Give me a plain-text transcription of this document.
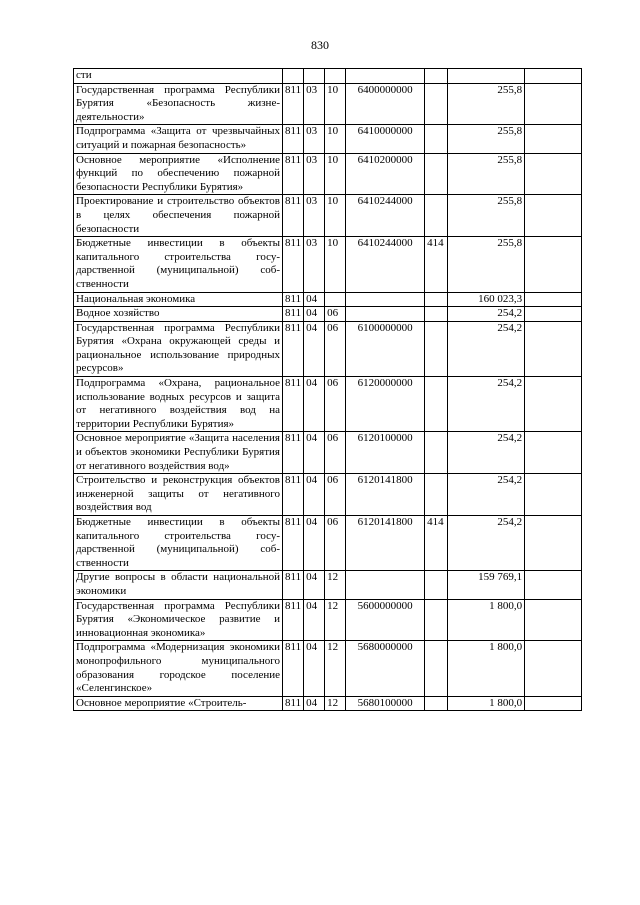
830
сти							
Государственная программа Республики Бурятия «Безопасность жизнедеятельности»	811	03	10	6400000000		255,8	
Подпрограмма «Защита от чрезвычайных ситуаций и пожарная безопасность»	811	03	10	6410000000		255,8	
Основное мероприятие «Исполнение функций по обеспечению пожарной безопасности Республики Бурятия»	811	03	10	6410200000		255,8	
Проектирование и строительство объектов в целях обеспечения пожарной безопасности	811	03	10	6410244000		255,8	
Бюджетные инвестиции в объекты капитального строительства государственной (муниципальной) собственности	811	03	10	6410244000	414	255,8	
Национальная экономика	811	04				160 023,3	
Водное хозяйство	811	04	06			254,2	
Государственная программа Республики Бурятия «Охрана окружающей среды и рациональное использование природных ресурсов»	811	04	06	6100000000		254,2	
Подпрограмма «Охрана, рациональное использование водных ресурсов и защита от негативного воздействия вод на территории Республики Бурятия»	811	04	06	6120000000		254,2	
Основное мероприятие «Защита населения и объектов экономики Республики Бурятия от негативного воздействия вод»	811	04	06	6120100000		254,2	
Строительство и реконструкция объектов инженерной защиты от негативного воздействия вод	811	04	06	6120141800		254,2	
Бюджетные инвестиции в объекты капитального строительства государственной (муниципальной) собственности	811	04	06	6120141800	414	254,2	
Другие вопросы в области национальной экономики	811	04	12			159 769,1	
Государственная программа Республики Бурятия «Экономическое развитие и инновационная экономика»	811	04	12	5600000000		1 800,0	
Подпрограмма «Модернизация экономики монопрофильного муниципального образования городское поселение «Селенгинское»	811	04	12	5680000000		1 800,0	
Основное мероприятие «Строитель-	811	04	12	5680100000		1 800,0	
